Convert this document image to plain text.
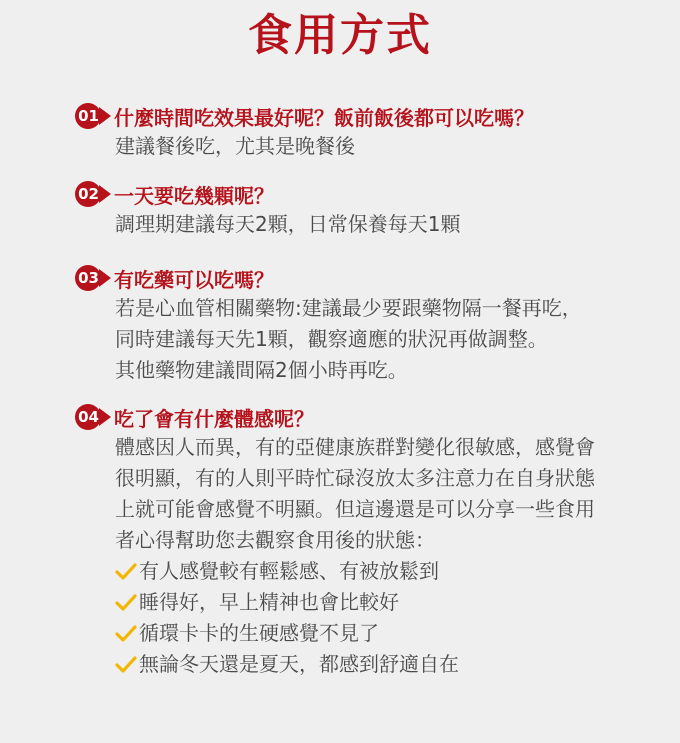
食用方式
01 什麼時間吃效果最好呢？飯前飯後都可以吃嗎？

建議餐後吃，尤其是晚餐後

02 一天要吃幾顆呢？

調理期建議每天2顆，日常保養每天1顆

03 有吃藥可以吃嗎？

若是心血管相關藥物:建議最少要跟藥物隔一餐再吃，

同時建議每天先1顆，觀察適應的狀況再做調整。

其他藥物建議間隔2個小時再吃。

04 吃了會有什麼體感呢？

體感因人而異，有的亞健康族群對變化很敏感，感覺會

很明顯，有的人則平時忙碌沒放太多注意力在自身狀態

上就可能會感覺不明顯。但這邊還是可以分享一些食用

者心得幫助您去觀察食用後的狀態：

有人感覺較有輕鬆感、有被放鬆到
睡得好，早上精神也會比較好
循環卡卡的生硬感覺不見了
無論冬天還是夏天，都感到舒適自在
